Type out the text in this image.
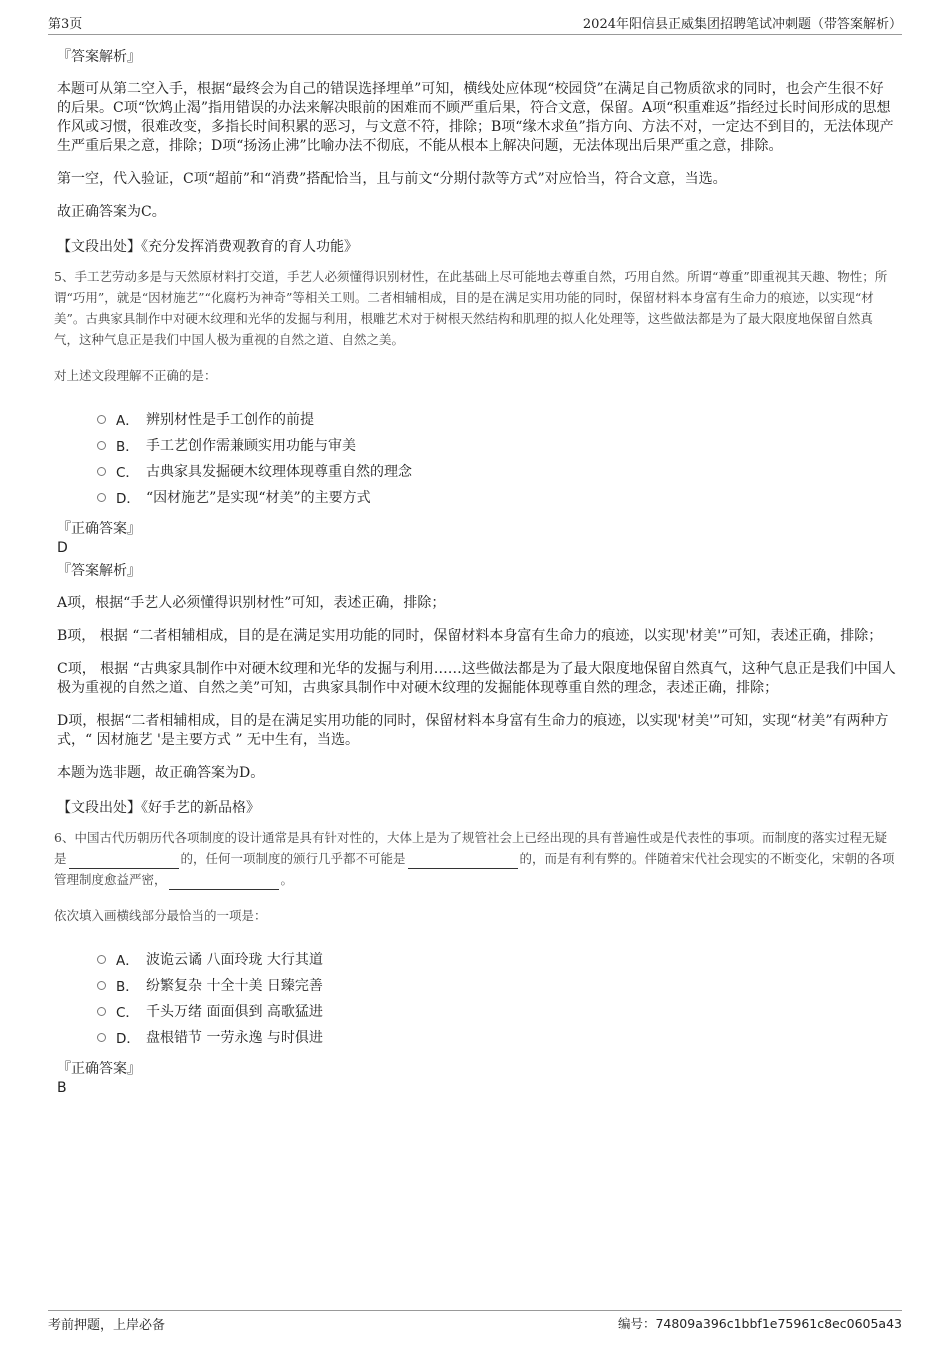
第3页	2024年阳信县正威集团招聘笔试冲刺题（带答案解析）
『答案解析』

本题可从第二空入手，根据“最终会为自己的错误选择埋单”可知，横线处应体现“校园贷”在满足自己物质欲求的同时，也会产生很不好的后果。C项“饮鸩止渴”指用错误的办法来解决眼前的困难而不顾严重后果，符合文意，保留。A项“积重难返”指经过长时间形成的思想作风或习惯，很难改变，多指长时间积累的恶习，与文意不符，排除；B项“缘木求鱼”指方向、方法不对，一定达不到目的，无法体现产生严重后果之意，排除；D项“扬汤止沸”比喻办法不彻底，不能从根本上解决问题，无法体现出后果严重之意，排除。

第一空，代入验证，C项“超前”和“消费”搭配恰当，且与前文“分期付款等方式”对应恰当，符合文意，当选。

故正确答案为C。

【文段出处】《充分发挥消费观教育的育人功能》
5、手工艺劳动多是与天然原材料打交道，手艺人必须懂得识别材性，在此基础上尽可能地去尊重自然，巧用自然。所谓“尊重”即重视其天趣、物性；所谓“巧用”，就是“因材施艺”“化腐朽为神奇”等相关工则。二者相辅相成，目的是在满足实用功能的同时，保留材料本身富有生命力的痕迹，以实现“材美”。古典家具制作中对硬木纹理和光华的发掘与利用，根雕艺术对于树根天然结构和肌理的拟人化处理等，这些做法都是为了最大限度地保留自然真气，这种气息正是我们中国人极为重视的自然之道、自然之美。
对上述文段理解不正确的是：
A． 辨别材性是手工创作的前提
B． 手工艺创作需兼顾实用功能与审美
C． 古典家具发掘硬木纹理体现尊重自然的理念
D． “因材施艺”是实现“材美”的主要方式
『正确答案』
D
『答案解析』

A项，根据“手艺人必须懂得识别材性”可知，表述正确，排除；

B项， 根据 “二者相辅相成，目的是在满足实用功能的同时，保留材料本身富有生命力的痕迹，以实现'材美'”可知，表述正确，排除；

C项， 根据 “古典家具制作中对硬木纹理和光华的发掘与利用……这些做法都是为了最大限度地保留自然真气，这种气息正是我们中国人极为重视的自然之道、自然之美”可知，古典家具制作中对硬木纹理的发掘能体现尊重自然的理念，表述正确，排除；

D项，根据“二者相辅相成，目的是在满足实用功能的同时，保留材料本身富有生命力的痕迹，以实现'材美'”可知，实现“材美”有两种方式，“ 因材施艺 '是主要方式 ” 无中生有，当选。

本题为选非题，故正确答案为D。

【文段出处】《好手艺的新品格》
6、中国古代历朝历代各项制度的设计通常是具有针对性的，大体上是为了规管社会上已经出现的具有普遍性或是代表性的事项。而制度的落实过程无疑是	的，任何一项制度的颁行几乎都不可能是	的，而是有利有弊的。伴随着宋代社会现实的不断变化，宋朝的各项管理制度愈益严密，	。
依次填入画横线部分最恰当的一项是：
A． 波诡云谲 八面玲珑 大行其道
B． 纷繁复杂 十全十美 日臻完善
C． 千头万绪 面面俱到 高歌猛进
D． 盘根错节 一劳永逸 与时俱进
『正确答案』
B
考前押题，上岸必备	编号：74809a396c1bbf1e75961c8ec0605a43
